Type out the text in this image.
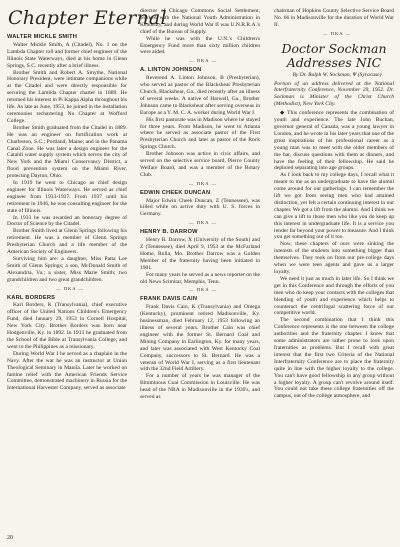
Chapter Eternal
WALTER MICKLE SMITH

Walter Mickle Smith, A (Citadel), No. 1 on the Lambda Chapter roll and former chief engineer of the Illinois State Waterways, died at his home in Glenn Springs, S.C. recently after a brief illness.

Brother Smith and Robert A. Smythe, National Honorary President, were intimate companions while at the Citadel and were directly responsible for securing the Lambda Chapter charter in 1889. He returned his interest in Pi Kappa Alpha throughout his life. As late as June, 1953, he joined in the installation ceremonies rechartering Nu Chapter at Wofford College.

Brother Smith graduated from the Citadel in 1889. He was an engineer on fortification work at Charleston, S.C.; Portland, Maine; and in the Panama Canal Zone. He was later a design engineer for the Cataldi water supply system which serves the city of New York and the Miami Conservancy District, a flood prevention system on the Miami River, protecting Dayton, Ohio.

In 1919 he went to Chicago as chief design engineer for Illinois Waterways. He served as chief engineer from 1933-1937. From 1937 until his retirement in 1946, he was consulting engineer for the state of Illinois.

In 1933 he was awarded an honorary degree of Doctor of Science by the Citadel.

Brother Smith lived at Glenn Springs following his retirement. He was a member of Glenn Springs Presbyterian Church and a life member of the American Society of Engineers.

Surviving him are: a daughter, Miss Patta Lee Smith of Glenn Springs; a son, McDonald Smith of Alexandria, Va.; a sister, Miss Marie Smith; two grandchildren and two great grandchildren.

— ΠΚΑ —

KARL BORDERS

Karl Borders, K (Transylvania), chief executive officer of the United Nations Children's Emergency Fund, died January 29, 1953 in Cornell Hospital, New York City. Brother Borders was born near Hodgenville, Ky. in 1892. In 1913 he graduated from the School of the Bible at Transylvania College, and went to the Philippines as a missionary.

During World War I he served as a chaplain in the Navy. After the war he was an instructor at Union Theological Seminary in Manila. Later he worked on famine relief with the American Friends Service Committee, demonstrated machinery in Russia for the International Harvester Company, served as associate

director of Chicago Commons Social Settlement, worked with the National Youth Administration in Kentucky, and during World War II was U.N.R.R.A.'s chief of the Bureau of Supply.

While he was with the U.N.'s Children's Emergency Fund more than sixty million children were aided.

— ΠΚΑ —

A. LINTON JOHNSON

Reverend A. Linton Johnson, B (Presbyterian), who served as pastor of the Blackshear Presbyterian Church, Blackshear, Ga., died recently after an illness of several weeks. A native of Harwell, Ga., Brother Johnson came to Blackshear after serving overseas in Europe as a Y. M. C. A. worker during World War I.

His first pastorate was in Madison where he stayed for three years. From Madison, he went to Atlanta where he served as associate pastor of the First Presbyterian Church and later as pastor of the Rock Springs Church.

Brother Johnson was active in civic affairs, and served on the selective service board, Pierce County Welfare Board, and was a member of the Rotary Club.

— ΠΚΑ —

EDWIN CHEEK DUNCAN

Major Edwin Cheek Duncan, Z (Tennessee), was killed while on active duty with U. S. forces in Germany.

— ΠΚΑ —

HENRY B. DARROW

Henry B. Darrow, X (University of the South) and Z (Tennessee), died April 9, 1953 at the McFarland Home, Rolla, Mo. Brother Darrow was a Golden Member of the fraternity having been initiated in 1901.

For many years he served as a news reporter on the old News Scimitar, Memphis, Tenn.

— ΠΚΑ —

FRANK DAVIS CAIN

Frank Davis Cain, K (Transylvania) and Omega (Kentucky), prominent retired Madisonville, Ky. businessman, died February 12, 1953 following an illness of several years. Brother Cain was chief engineer with the former St. Bernard Coal and Mining Company in Earlington, Ky. for many years, and later was associated with West Kentucky Coal Company, successors to St. Bernard. He was a veteran of World War I, serving as a first lieutenant with the 32nd Field Artillery.

For a number of years he was manager of the Bituminous Coal Commission in Louisville. He was head of the NRA in Madisonville in the 1930's, and served as

chairman of Hopkins County Selective Service Board No. 66 in Madisonville for the duration of World War II.

— ΠΚΑ —

Doctor Sockman Addresses NIC

By Dr. Ralph W. Sockman, Ψ (Syracuse)

Portion of an address delivered at the National Interfraternity Conference, November 29, 1952. Dr. Sockman is Minister of the Christ Church (Methodist), New York City.

◆ This conference represents the combination of youth and experience. The late John Buchan, governor general of Canada, was a young lawyer in London, and he wrote in his later years that one of the great inspirations of his professional career as a young man was to meet with the older members of the bar, discuss questions with them at dinners, and have the feeling of their fellowship. He said he deplored separating into age groups.

As I look back to my college days, I recall what it meant to me as an undergraduate to have the alumni come around for our gatherings. I can remember the lift we got from seeing men who had attained distinction, yet felt a certain continuing interest in our chapter. We got a lift from the alumni. And I think we can give a lift to those men who like you do keep up this interest in undergraduate life. It is a service you render far beyond your power to measure. And I think you get something out of it too.

Now, these chapters of ours were sinking the interests of the students into something bigger than themselves. They took on from our pre-college days when we were teen agents and gave us a larger loyalty.

We need it just as much in later life. So I think we get in this Conference and through the efforts of you men who do keep your contacts with the colleges that blending of youth and experience which helps to counteract the centrifugal scattering force of our competitive world.

The second combination that I think this Conference represents is the one between the college authorities and the fraternity chapter. I know that some administrators are rather prone to look upon fraternities as problems. But I recall with great interest that the first two Criteria of the National Interfraternity Conference are to place the fraternity quite in line with the higher loyalty to the college. You can't have good fellowship in any group without a higher loyalty. A group can't revolve around itself. You could not take these college fraternities off the campus, out of the college atmosphere, and

20
